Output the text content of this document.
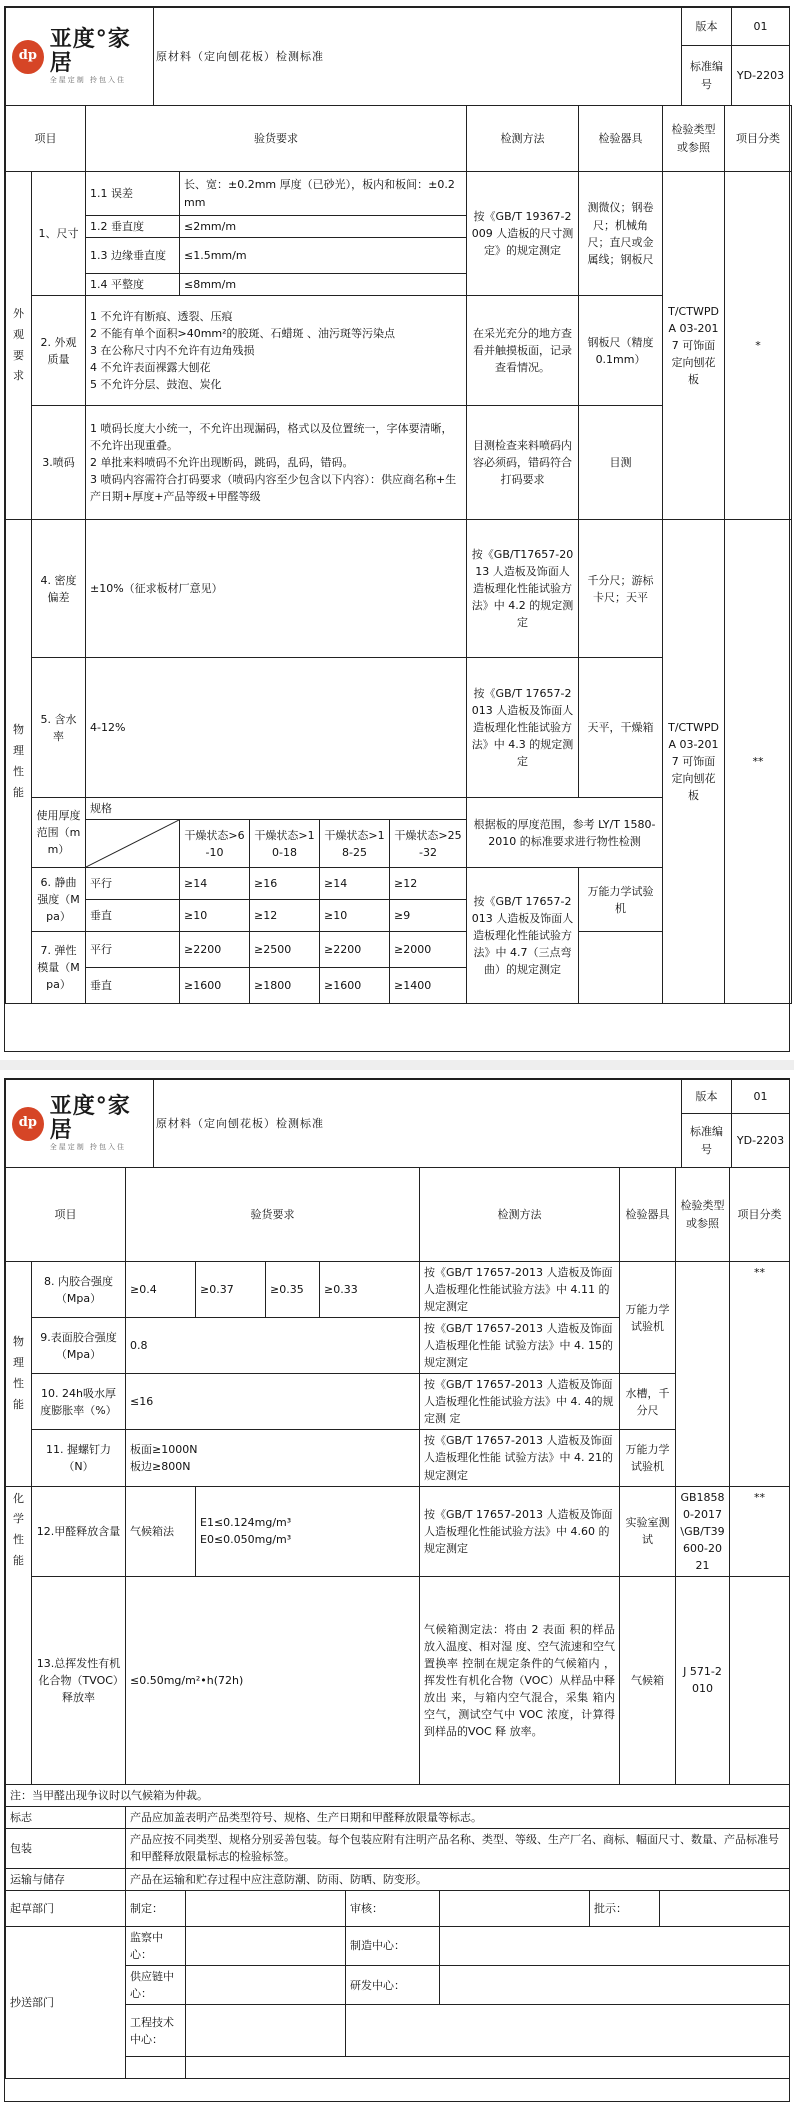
dp
亚度°家居
全屋定制 拎包入住	原材料（定向刨花板）检测标准	版本	01
		标准编号	YD-2203
项目		验货要求		检测方法	检验器具	检验类型或参照	项目分类
外观要求	1、尺寸	1.1 误差	长、宽：±0.2mm 厚度（已砂光），板内和板间：±0.2mm	按《GB/T 19367-2009 人造板的尺寸测定》的规定测定	测微仪；钢卷尺；机械角尺；直尺或金 属线；钢板尺	T/CTWPDA 03-2017 可饰面定向刨花板	*
		1.2 垂直度	≤2mm/m				
		1.3 边缘垂直度	≤1.5mm/m				
		1.4 平整度	≤8mm/m				
	2. 外观质量	1 不允许有断痕、透裂、压痕
2 不能有单个面积>40mm²的胶斑、石蜡斑 、油污斑等污染点
3 在公称尺寸内不允许有边角残损
4 不允许表面裸露大刨花
5 不允许分层、鼓泡、炭化		在采光充分的地方查看并触摸板面，记录查看情况。	钢板尺（精度 0.1mm）		
	3.喷码	1 喷码长度大小统一，不允许出现漏码，格式以及位置统一，字体要清晰，不允许出现重叠。
2 单批来料喷码不允许出现断码，跳码，乱码，错码。
3 喷码内容需符合打码要求（喷码内容至少包含以下内容）：供应商名称+生产日期+厚度+产品等级+甲醛等级		目测检查来料喷码内容必须码，错码符合打码要求	目测		

物理性能	4. 密度偏差	±10%（征求板材厂意见）					按《GB/T17657-2013 人造板及饰面人造板理化性能试验方法》中 4.2 的规定测定	千分尺；游标卡尺；天平	T/CTWPDA 03-2017 可饰面定向刨花板	**
	5. 含水率	4-12%					按《GB/T 17657-2013 人造板及饰面人造板理化性能试验方法》中 4.3 的规定测定	天平，干燥箱		
	使用厚度范围（mm）	规格					根据板的厚度范围，参考 LY/T 1580-2010 的标准要求进行物性检测			

	干燥状态>6-10	干燥状态>10-18	干燥状态>18-25	干燥状态>25-32				
	6. 静曲强度（Mpa）	平行	≥14	≥16	≥14	≥12	按《GB/T 17657-2013 人造板及饰面人造板理化性能试验方法》中 4.7（三点弯曲）的规定测定	万能力学试验机		
		垂直	≥10	≥12	≥10	≥9				
	7. 弹性模量（Mpa）	平行	≥2200	≥2500	≥2200	≥2000				
		垂直	≥1600	≥1800	≥1600	≥1400				
dp
亚度°家居
全屋定制 拎包入住	原材料（定向刨花板）检测标准	版本	01
		标准编号	YD-2203
项目		验货要求				检测方法	检验器具	检验类型或参照	项目分类
物理性能	8. 内胶合强度（Mpa）	≥0.4	≥0.37	≥0.35	≥0.33	按《GB/T 17657-2013 人造板及饰面人造板理化性能试验方法》中 4.11 的规定测定	万能力学试验机		**
	9.表面胶合强度（Mpa）	0.8				按《GB/T 17657-2013 人造板及饰面人造板理化性能 试验方法》中 4. 15的规定测定			
	10. 24h吸水厚度膨胀率（%）	≤16				按《GB/T 17657-2013 人造板及饰面人造板理化性能试验方法》中 4. 4的规定测 定	水槽，千分尺		
	11. 握螺钉力（N）	板面≥1000N
板边≥800N				按《GB/T 17657-2013 人造板及饰面人造板理化性能 试验方法》中 4. 21的规定测定	万能力学试验机		
化学性能	12.甲醛释放含量	气候箱法	E1≤0.124mg/m³
E0≤0.050mg/m³			按《GB/T 17657-2013 人造板及饰面人造板理化性能试验方法》中 4.60 的规定测定	实验室测试	GB18580-2017\GB/T39600-2021	**
	13.总挥发性有机化合物（TVOC）释放率	≤0.50mg/m²•h(72h)				气候箱测定法：将由 2 表面 积的样品放入温度、相对湿 度、空气流速和空气置换率 控制在规定条件的气候箱内 ，挥发性有机化合物（VOC）从样品中释放出 来，与箱内空气混合，采集 箱内空气，测试空气中 VOC 浓度，计算得到样品的VOC 释 放率。	气候箱	J 571-2010	
注：当甲醛出现争议时以气候箱为仲裁。						
标志	产品应加盖表明产品类型符号、规格、生产日期和甲醛释放限量等标志。					
包装	产品应按不同类型、规格分别妥善包装。每个包装应附有注明产品名称、类型、等级、生产厂名、商标、幅面尺寸、数量、产品标准号和甲醛释放限量标志的检验标签。					
运输与储存	产品在运输和贮存过程中应注意防潮、防雨、防晒、防变形。					
起草部门	制定：		审核：		批示：	
抄送部门	监察中心：		制造中心：			
	供应链中心：		研发中心：			
	工程技术中心：					
